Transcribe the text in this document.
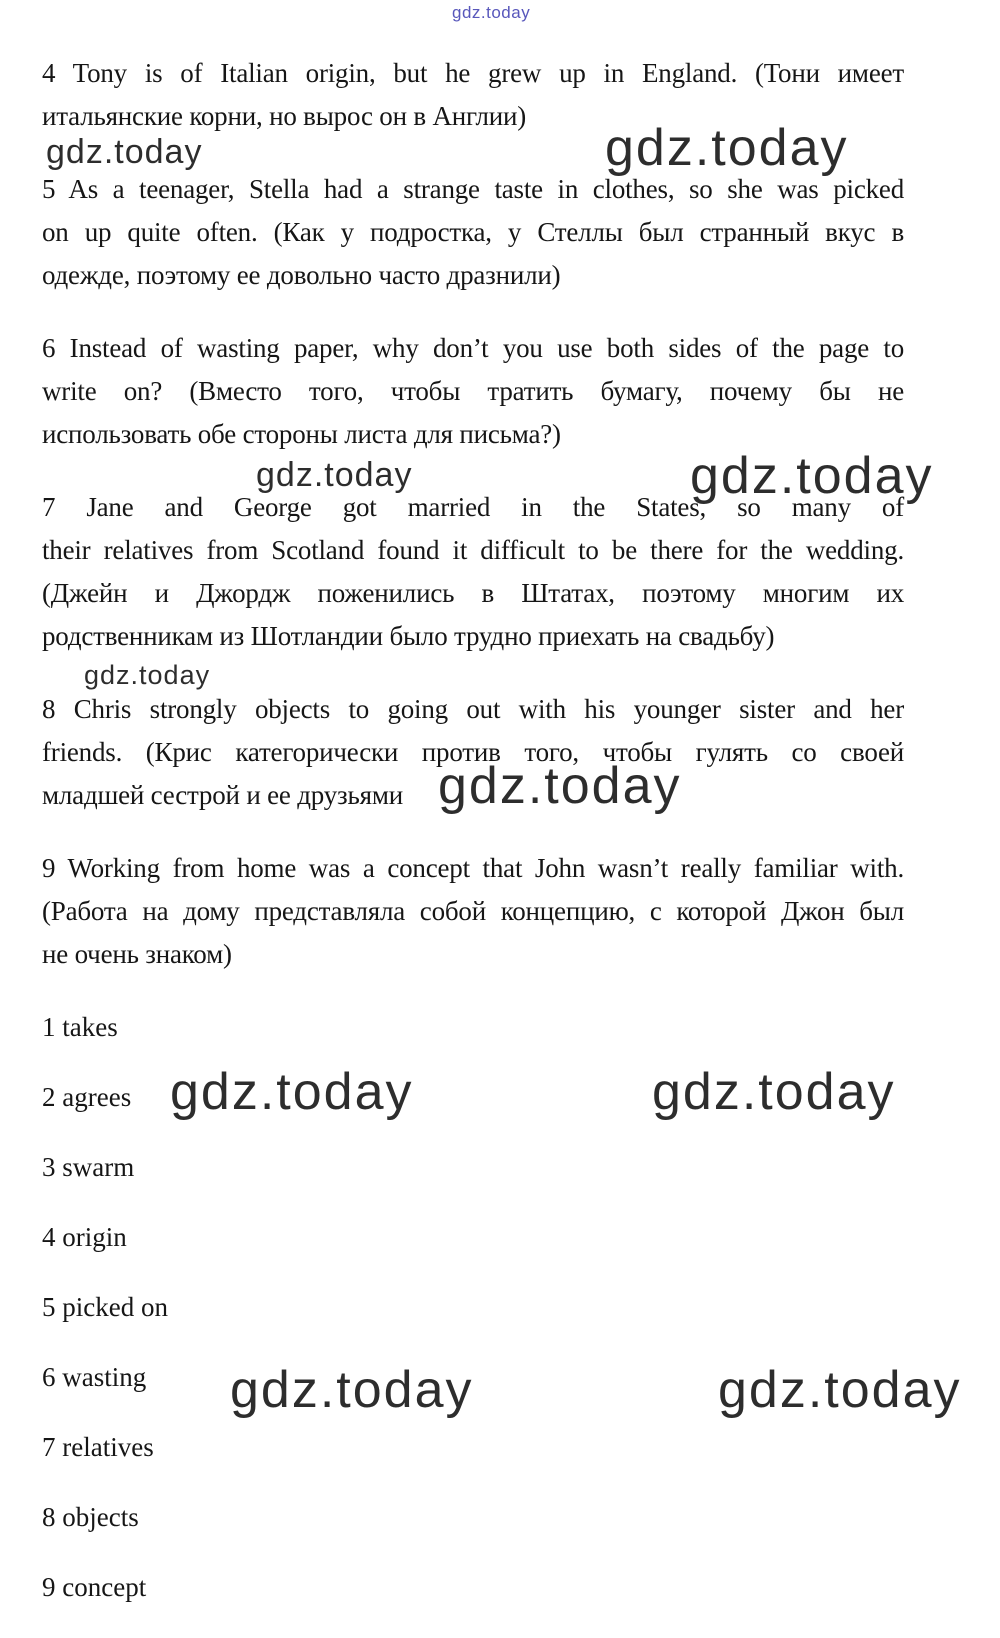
gdz.today
gdz.today	gdz.today
gdz.today	gdz.today
gdz.today
gdz.today
gdz.today	gdz.today
gdz.today	gdz.today
4 Tony is of Italian origin, but he grew up in England. (Тони имеет
итальянские корни, но вырос он в Англии)
5 As a teenager, Stella had a strange taste in clothes, so she was picked
on up quite often. (Как у подростка, у Стеллы был странный вкус в
одежде, поэтому ее довольно часто дразнили)
6 Instead of wasting paper, why don’t you use both sides of the page to
write on? (Вместо того, чтобы тратить бумагу, почему бы не
использовать обе стороны листа для письма?)
7 Jane and George got married in the States, so many of
their relatives from Scotland found it difficult to be there for the wedding.
(Джейн и Джордж поженились в Штатах, поэтому многим их
родственникам из Шотландии было трудно приехать на свадьбу)
8 Chris strongly objects to going out with his younger sister and her
friends. (Крис категорически против того, чтобы гулять со своей
младшей сестрой и ее друзьями
9 Working from home was a concept that John wasn’t really familiar with.
(Работа на дому представляла собой концепцию, с которой Джон был
не очень знаком)
1 takes
2 agrees
3 swarm
4 origin
5 picked on
6 wasting
7 relatives
8 objects
9 concept
